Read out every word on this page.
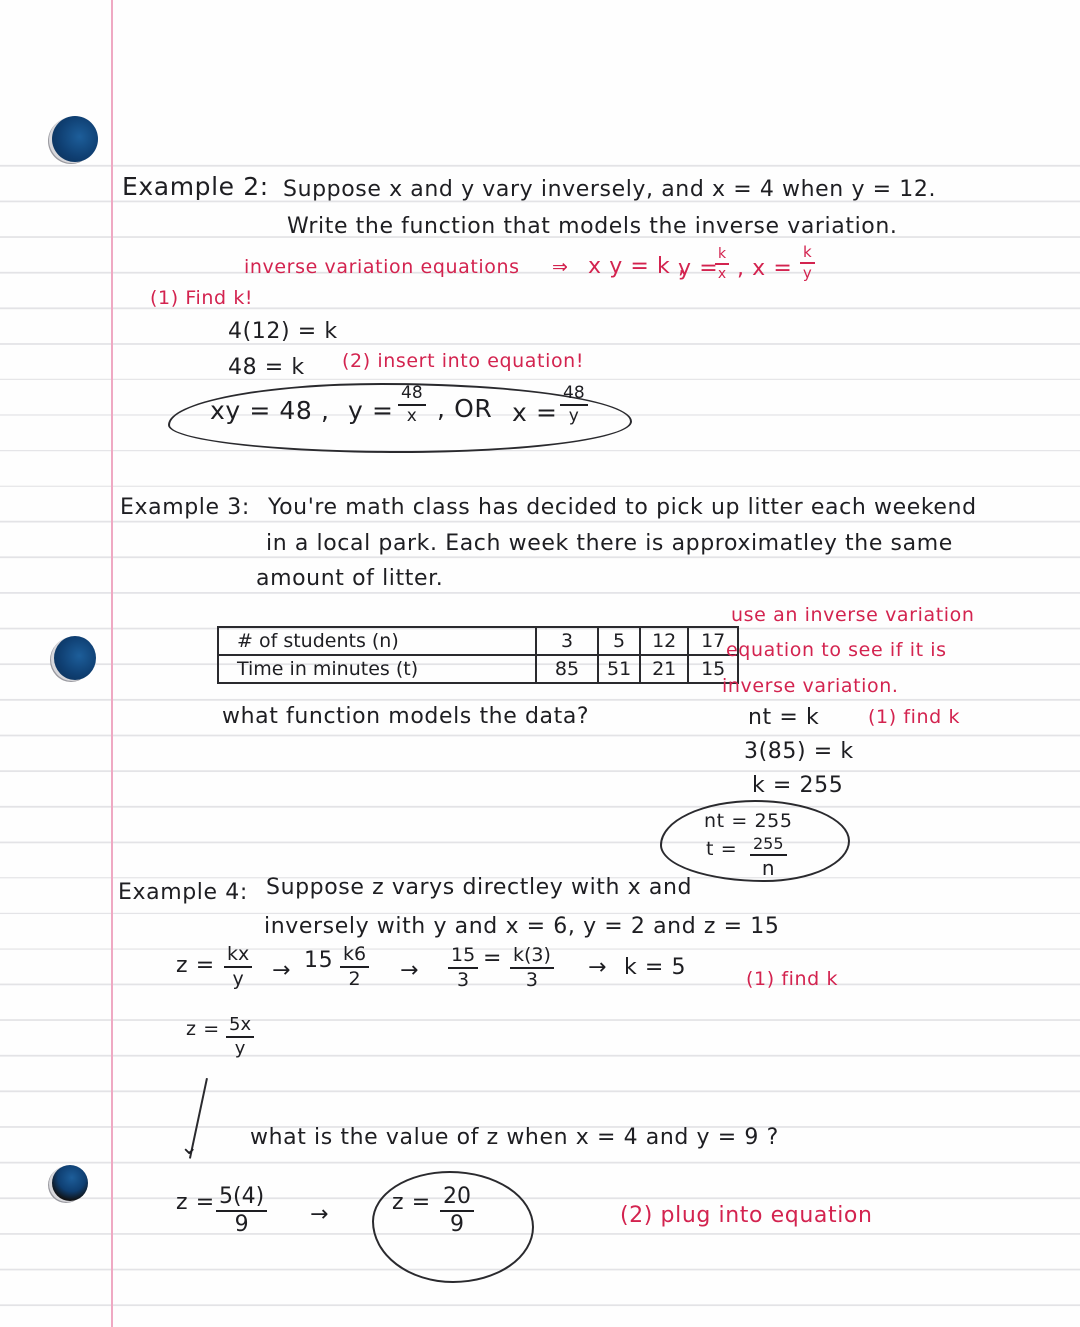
Example 2: Suppose x and y vary inversely, and x = 4 when y = 12.
Write the function that models the inverse variation.
inverse variation equations ⇒ x y = k ,
y =
$\frac{k}{x}$ , $x = \frac{k}{y}$
(1) Find k!
4(12) = k
48 = k (2) insert into equation!
xy = 48 , $y = \frac{48}{x}$ , OR $x = \frac{48}{y}$
Example 3: You're math class has decided to pick up litter each weekend
in a local park. Each week there is approximatley the same
amount of litter.
# of students (n)	3	5	12	17
Time in minutes (t)	85	51	21	15
what function models the data?
use an inverse variation
equation to see if it is
inverse variation.
nt = k	(1) find k
3(85) = k
k = 255
nt = 255
t = 255
n
Example 4: Suppose z varys directley with x and
inversely with y and x = 6, y = 2 and z = 15
$z = \frac{kx}{y} \to 15 \frac{k6}{2} \to \frac{15}{3} = \frac{k(3)}{3} \to k = 5$	(1) find k
$z = \frac{5x}{y}$
⌄ what is the value of z when x = 4 and y = 9 ?
$z = \frac{5(4)}{9}$ →	$z = \frac{20}{9}$	(2) plug into equation
